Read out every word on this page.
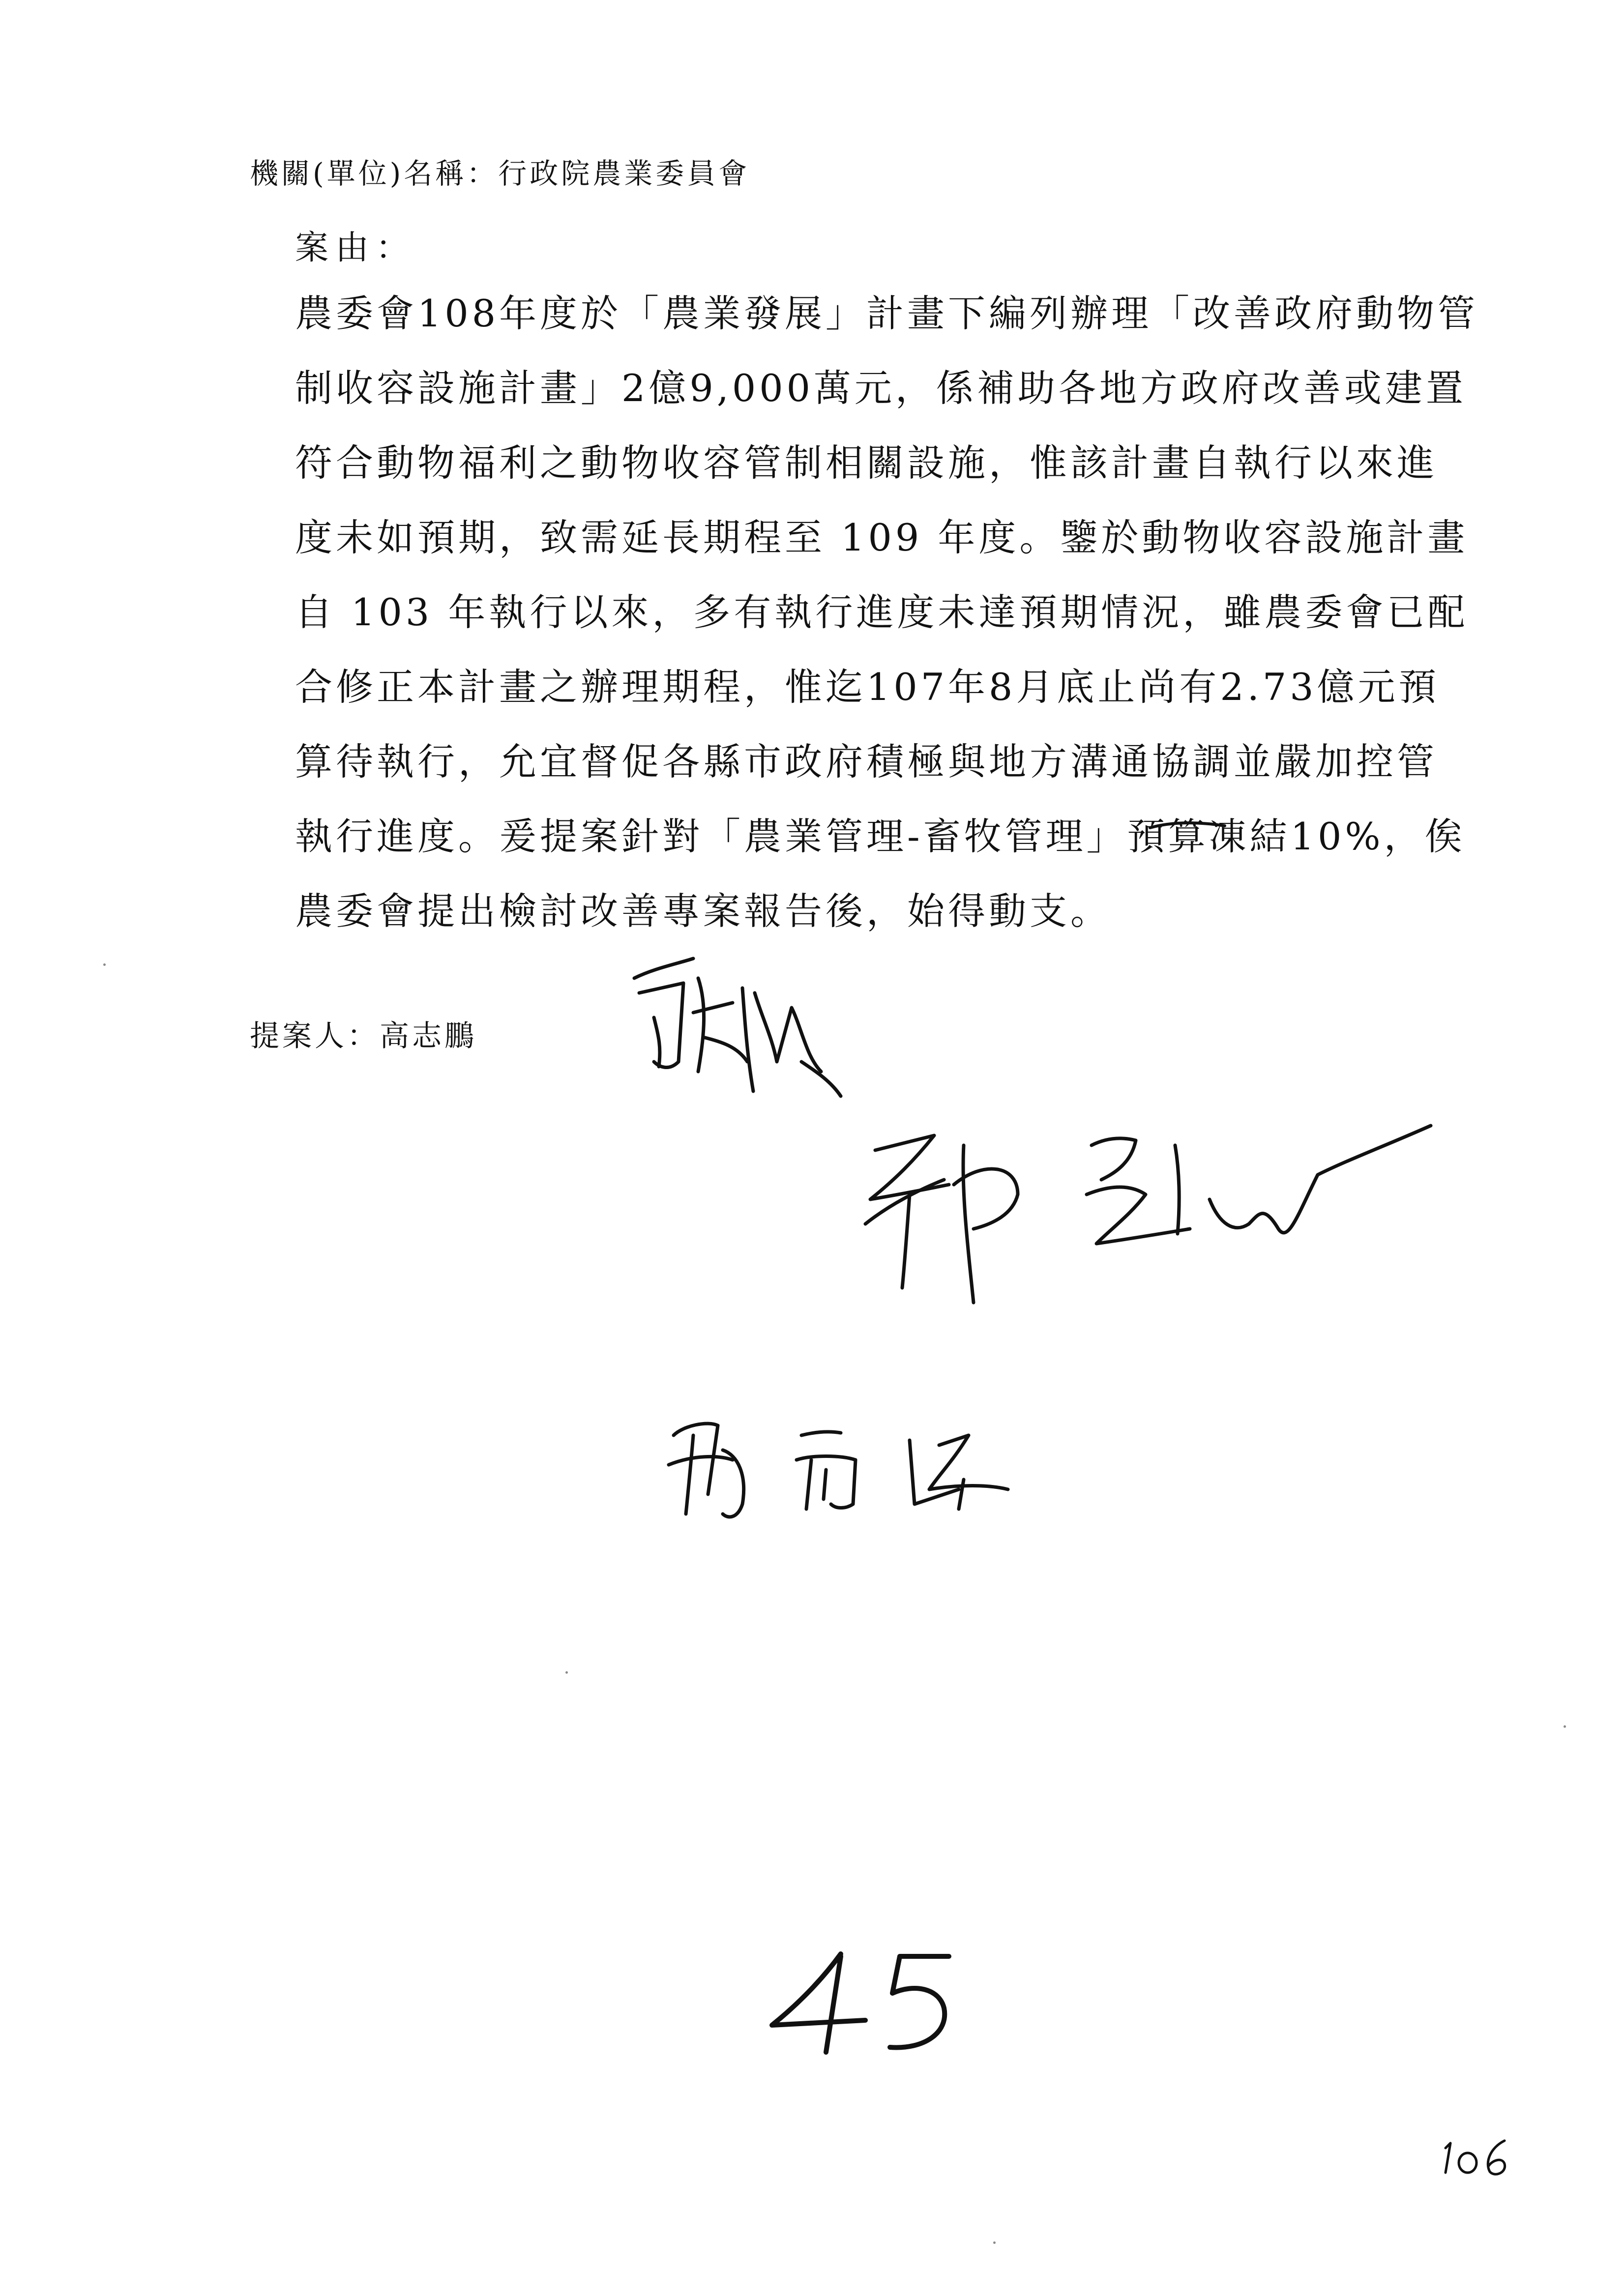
機關(單位)名稱：行政院農業委員會
案由：
農委會108年度於「農業發展」計畫下編列辦理「改善政府動物管
制收容設施計畫」2億9,000萬元，係補助各地方政府改善或建置
符合動物福利之動物收容管制相關設施，惟該計畫自執行以來進
度未如預期，致需延長期程至 109 年度。鑒於動物收容設施計畫
自 103 年執行以來，多有執行進度未達預期情況，雖農委會已配
合修正本計畫之辦理期程，惟迄107年8月底止尚有2.73億元預
算待執行，允宜督促各縣市政府積極與地方溝通協調並嚴加控管
執行進度。爰提案針對「農業管理-畜牧管理」預算凍結10%，俟
農委會提出檢討改善專案報告後，始得動支。
提案人：高志鵬
